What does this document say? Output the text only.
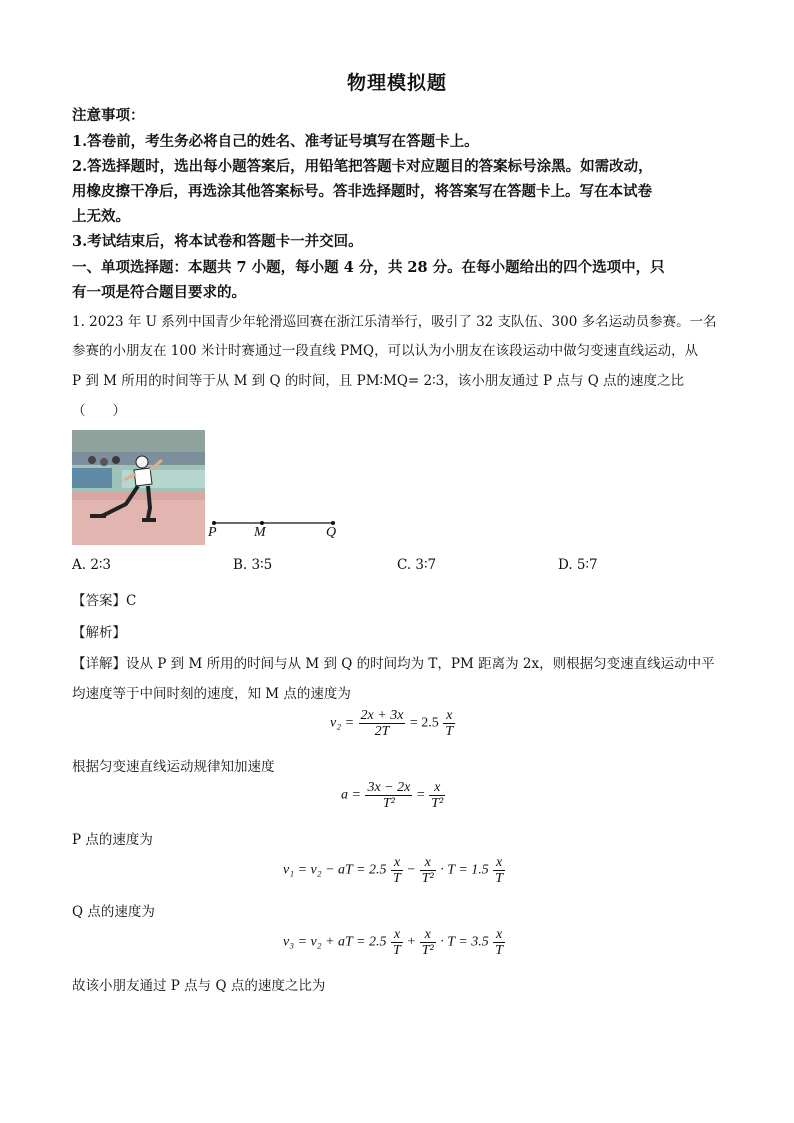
物理模拟题
注意事项：
1.答卷前，考生务必将自己的姓名、准考证号填写在答题卡上。
2.答选择题时，选出每小题答案后，用铅笔把答题卡对应题目的答案标号涂黑。如需改动，
用橡皮擦干净后，再选涂其他答案标号。答非选择题时，将答案写在答题卡上。写在本试卷
上无效。
3.考试结束后，将本试卷和答题卡一并交回。
一、单项选择题：本题共 7 小题，每小题 4 分，共 28 分。在每小题给出的四个选项中，只
有一项是符合题目要求的。
1. 2023 年 U 系列中国青少年轮滑巡回赛在浙江乐清举行，吸引了 32 支队伍、300 多名运动员参赛。一名
参赛的小朋友在 100 米计时赛通过一段直线 PMQ，可以认为小朋友在该段运动中做匀变速直线运动，从
P 到 M 所用的时间等于从 M 到 Q 的时间，且 PM∶MQ= 2∶3，该小朋友通过 P 点与 Q 点的速度之比
（　　）
P	M	Q
A. 2∶3	B. 3∶5	C. 3∶7	D. 5∶7
【答案】C
【解析】
【详解】设从 P 到 M 所用的时间与从 M 到 Q 的时间均为 T，PM 距离为 2x，则根据匀变速直线运动中平
均速度等于中间时刻的速度，知 M 点的速度为
$v_2 = \frac{2x + 3x}{2T} = 2.5 \frac{x}{T}$
根据匀变速直线运动规律知加速度
$a = \frac{3x - 2x}{\text{T²}} = \frac{x}{\text{T²}}$
P 点的速度为
v₁ = v₂ − aT = $2.5 \frac{x}{T} - \frac{x}{\text{T²}} \cdot T = 1.5 \frac{x}{T}$
Q 点的速度为
v₃ = v₂ + aT = $2.5 \frac{x}{T} + \frac{x}{\text{T²}} \cdot T = 3.5 \frac{x}{T}$
故该小朋友通过 P 点与 Q 点的速度之比为
